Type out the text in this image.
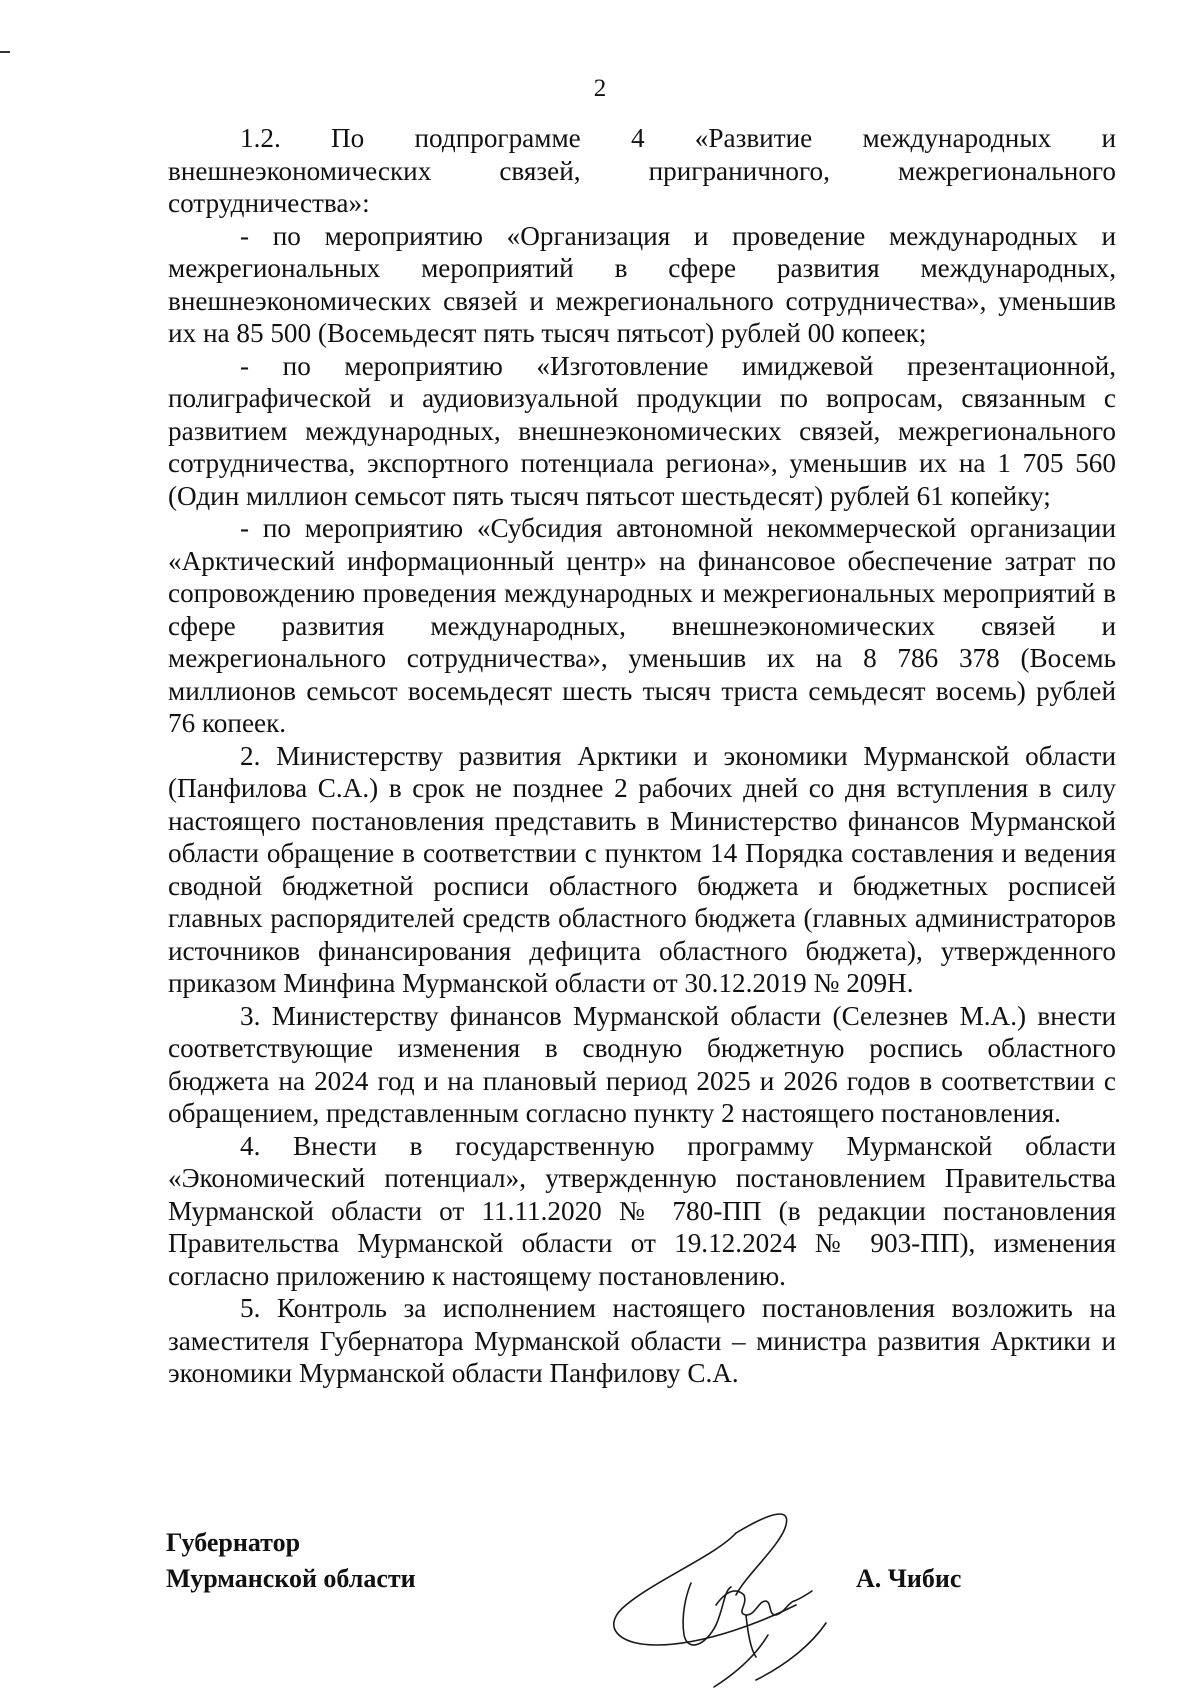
2

1.2. По подпрограмме 4 «Развитие международных и внешнеэкономических связей, приграничного, межрегионального сотрудничества»:

- по мероприятию «Организация и проведение международных и межрегиональных мероприятий в сфере развития международных, внешнеэкономических связей и межрегионального сотрудничества», уменьшив их на 85 500 (Восемьдесят пять тысяч пятьсот) рублей 00 копеек;

- по мероприятию «Изготовление имиджевой презентационной, полиграфической и аудиовизуальной продукции по вопросам, связанным с развитием международных, внешнеэкономических связей, межрегионального сотрудничества, экспортного потенциала региона», уменьшив их на 1 705 560 (Один миллион семьсот пять тысяч пятьсот шестьдесят) рублей 61 копейку;

- по мероприятию «Субсидия автономной некоммерческой организации «Арктический информационный центр» на финансовое обеспечение затрат по сопровождению проведения международных и межрегиональных мероприятий в сфере развития международных, внешнеэкономических связей и межрегионального сотрудничества», уменьшив их на 8 786 378 (Восемь миллионов семьсот восемьдесят шесть тысяч триста семьдесят восемь) рублей 76 копеек.

2. Министерству развития Арктики и экономики Мурманской области (Панфилова С.А.) в срок не позднее 2 рабочих дней со дня вступления в силу настоящего постановления представить в Министерство финансов Мурманской области обращение в соответствии с пунктом 14 Порядка составления и ведения сводной бюджетной росписи областного бюджета и бюджетных росписей главных распорядителей средств областного бюджета (главных администраторов источников финансирования дефицита областного бюджета), утвержденного приказом Минфина Мурманской области от 30.12.2019 № 209Н.

3. Министерству финансов Мурманской области (Селезнев М.А.) внести соответствующие изменения в сводную бюджетную роспись областного бюджета на 2024 год и на плановый период 2025 и 2026 годов в соответствии с обращением, представленным согласно пункту 2 настоящего постановления.

4. Внести в государственную программу Мурманской области «Экономический потенциал», утвержденную постановлением Правительства Мурманской области от 11.11.2020 № 780-ПП (в редакции постановления Правительства Мурманской области от 19.12.2024 № 903-ПП), изменения согласно приложению к настоящему постановлению.

5. Контроль за исполнением настоящего постановления возложить на заместителя Губернатора Мурманской области – министра развития Арктики и экономики Мурманской области Панфилову С.А.

Губернатор
Мурманской области	А. Чибис
